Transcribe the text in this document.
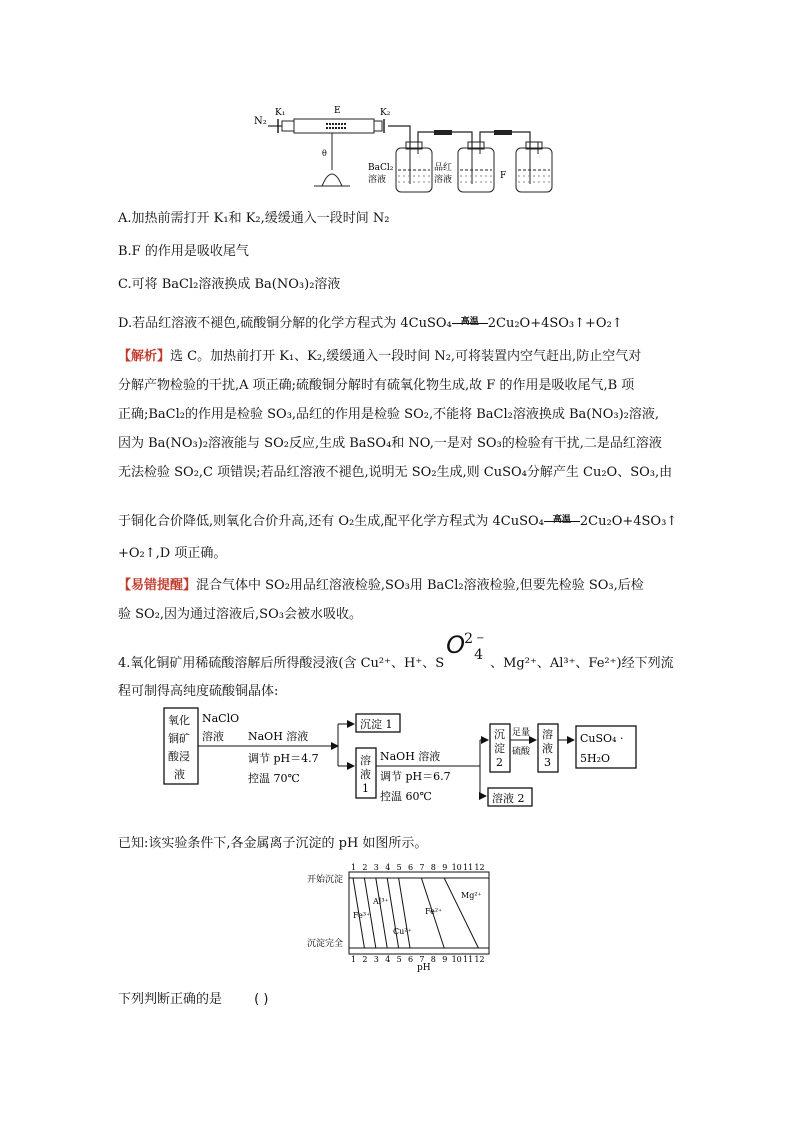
N₂
K₁	E
θ
K₂
BaCl₂
溶液
品红
溶液	F
A.加热前需打开 K₁和 K₂,缓缓通入一段时间 N₂
B.F 的作用是吸收尾气
C.可将 BaCl₂溶液换成 Ba(NO₃)₂溶液
D.若品红溶液不褪色,硫酸铜分解的化学方程式为 4CuSO₄ 高温 2Cu₂O+4SO₃↑+O₂↑
【解析】选 C。加热前打开 K₁、K₂,缓缓通入一段时间 N₂,可将装置内空气赶出,防止空气对
分解产物检验的干扰,A 项正确;硫酸铜分解时有硫氧化物生成,故 F 的作用是吸收尾气,B 项
正确;BaCl₂的作用是检验 SO₃,品红的作用是检验 SO₂,不能将 BaCl₂溶液换成 Ba(NO₃)₂溶液,
因为 Ba(NO₃)₂溶液能与 SO₂反应,生成 BaSO₄和 NO,一是对 SO₃的检验有干扰,二是品红溶液
无法检验 SO₂,C 项错误;若品红溶液不褪色,说明无 SO₂生成,则 CuSO₄分解产生 Cu₂O、SO₃,由
于铜化合价降低,则氧化合价升高,还有 O₂生成,配平化学方程式为 4CuSO₄ 高温 2Cu₂O+4SO₃↑
+O₂↑,D 项正确。
【易错提醒】混合气体中 SO₂用品红溶液检验,SO₃用 BaCl₂溶液检验,但要先检验 SO₃,后检
验 SO₂,因为通过溶液后,SO₃会被水吸收。
4.氧化铜矿用稀硫酸溶解后所得酸浸液(含 Cu²⁺、H⁺、S
O 2 −
4
、Mg²⁺、Al³⁺、Fe²⁺)经下列流
程可制得高纯度硫酸铜晶体:
氧化
铜矿
酸浸
液
NaClO
溶液 NaOH 溶液
调节 pH＝4.7
控温 70℃
沉淀 1
溶
液
1
NaOH 溶液
调节 pH＝6.7
控温 60℃	溶液 2
沉
淀
2
足量
硫酸
溶
液
3
CuSO₄ ·
5H₂O
已知:该实验条件下,各金属离子沉淀的 pH 如图所示。
开始沉淀
沉淀完全
pH
1 2 3 4 5 6 7 8 9 10 11 12
1 2 3 4 5 6 7 8 9 10 11 12
Fe³⁺
Al³⁺
Cu²⁺
Fe²⁺
Mg²⁺
下列判断正确的是 ( )
